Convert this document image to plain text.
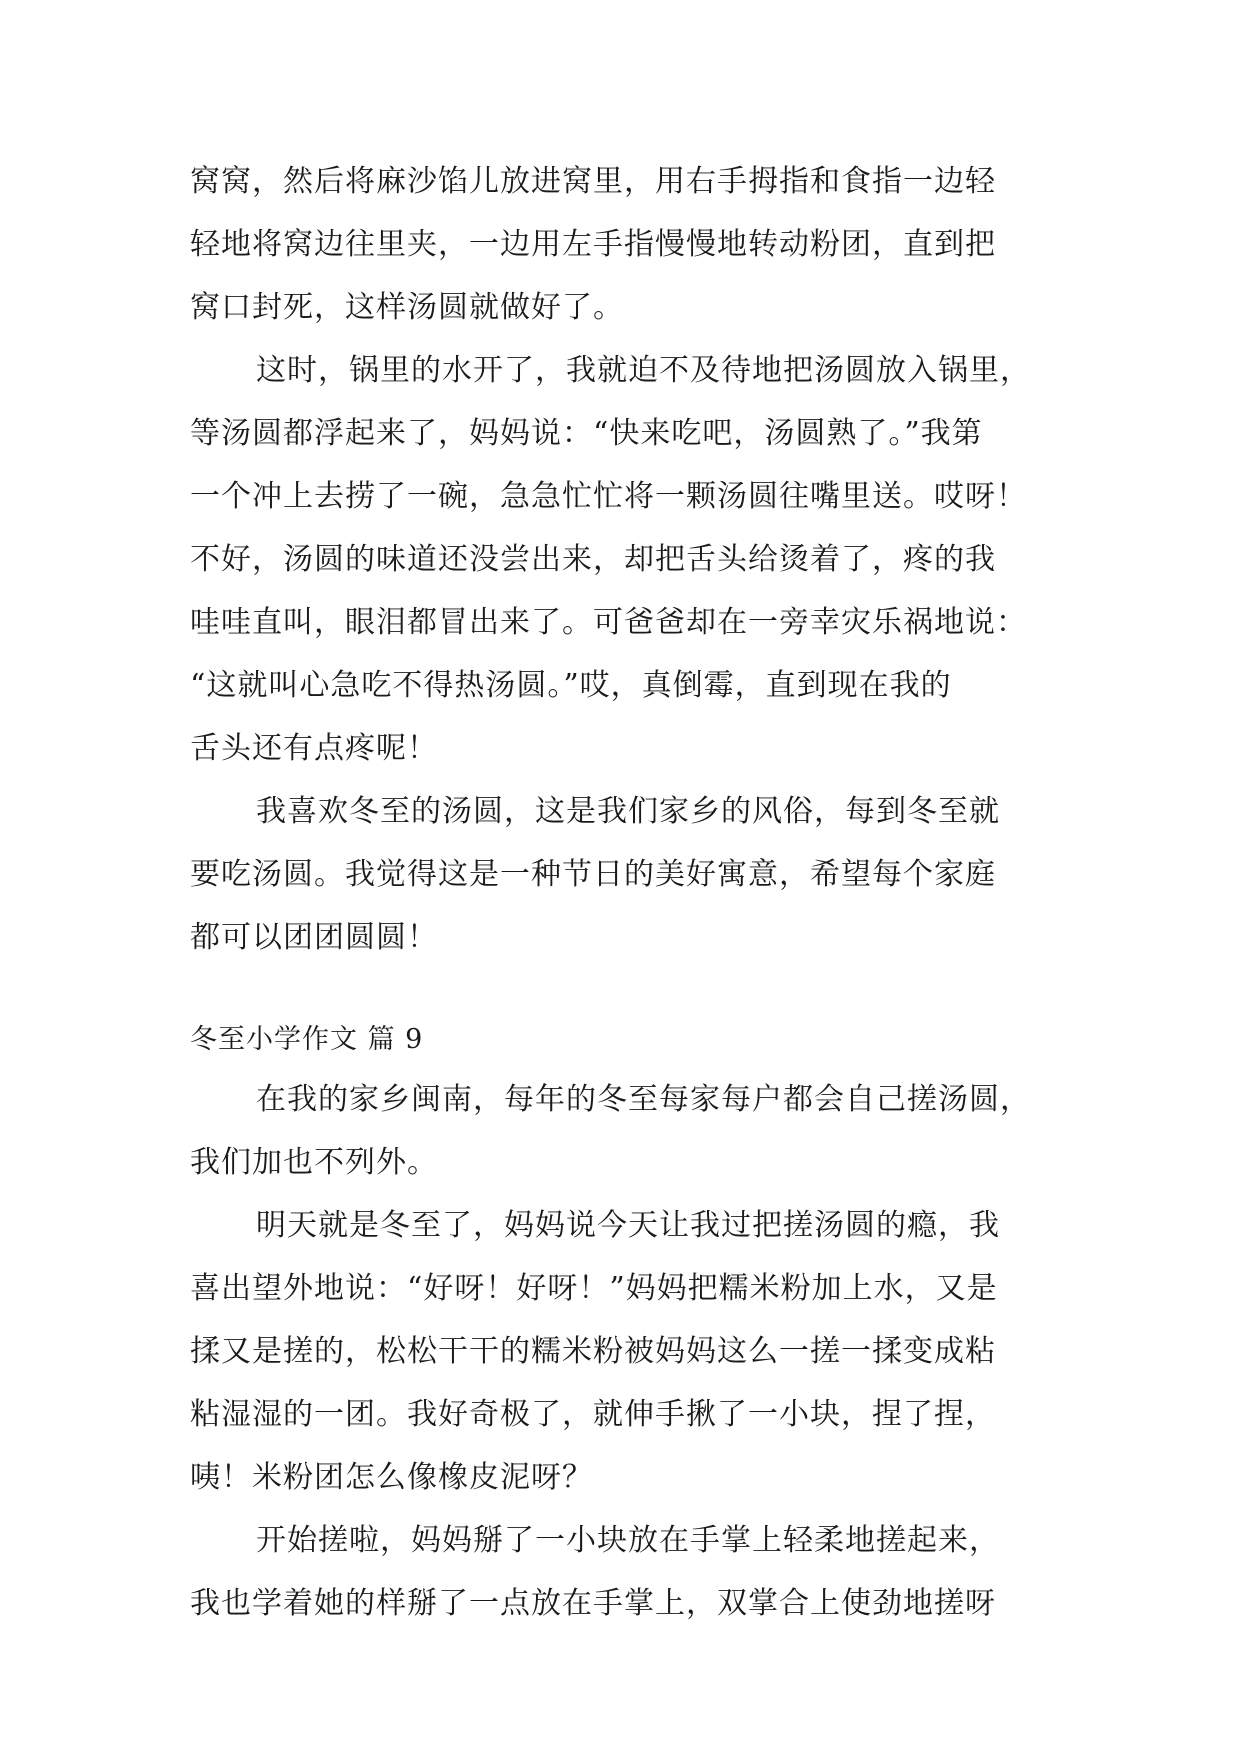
窝窝，然后将麻沙馅儿放进窝里，用右手拇指和食指一边轻
轻地将窝边往里夹，一边用左手指慢慢地转动粉团，直到把
窝口封死，这样汤圆就做好了。
这时，锅里的水开了，我就迫不及待地把汤圆放入锅里，
等汤圆都浮起来了，妈妈说：“快来吃吧，汤圆熟了。”我第
一个冲上去捞了一碗，急急忙忙将一颗汤圆往嘴里送。哎呀！
不好，汤圆的味道还没尝出来，却把舌头给烫着了，疼的我
哇哇直叫，眼泪都冒出来了。可爸爸却在一旁幸灾乐祸地说：
“这就叫心急吃不得热汤圆。”哎，真倒霉，直到现在我的
舌头还有点疼呢！
我喜欢冬至的汤圆，这是我们家乡的风俗，每到冬至就
要吃汤圆。我觉得这是一种节日的美好寓意，希望每个家庭
都可以团团圆圆！
冬至小学作文 篇 9
在我的家乡闽南，每年的冬至每家每户都会自己搓汤圆，
我们加也不列外。
明天就是冬至了，妈妈说今天让我过把搓汤圆的瘾，我
喜出望外地说：“好呀！好呀！”妈妈把糯米粉加上水，又是
揉又是搓的，松松干干的糯米粉被妈妈这么一搓一揉变成粘
粘湿湿的一团。我好奇极了，就伸手揪了一小块，捏了捏，
咦！米粉团怎么像橡皮泥呀？
开始搓啦，妈妈掰了一小块放在手掌上轻柔地搓起来，
我也学着她的样掰了一点放在手掌上，双掌合上使劲地搓呀
